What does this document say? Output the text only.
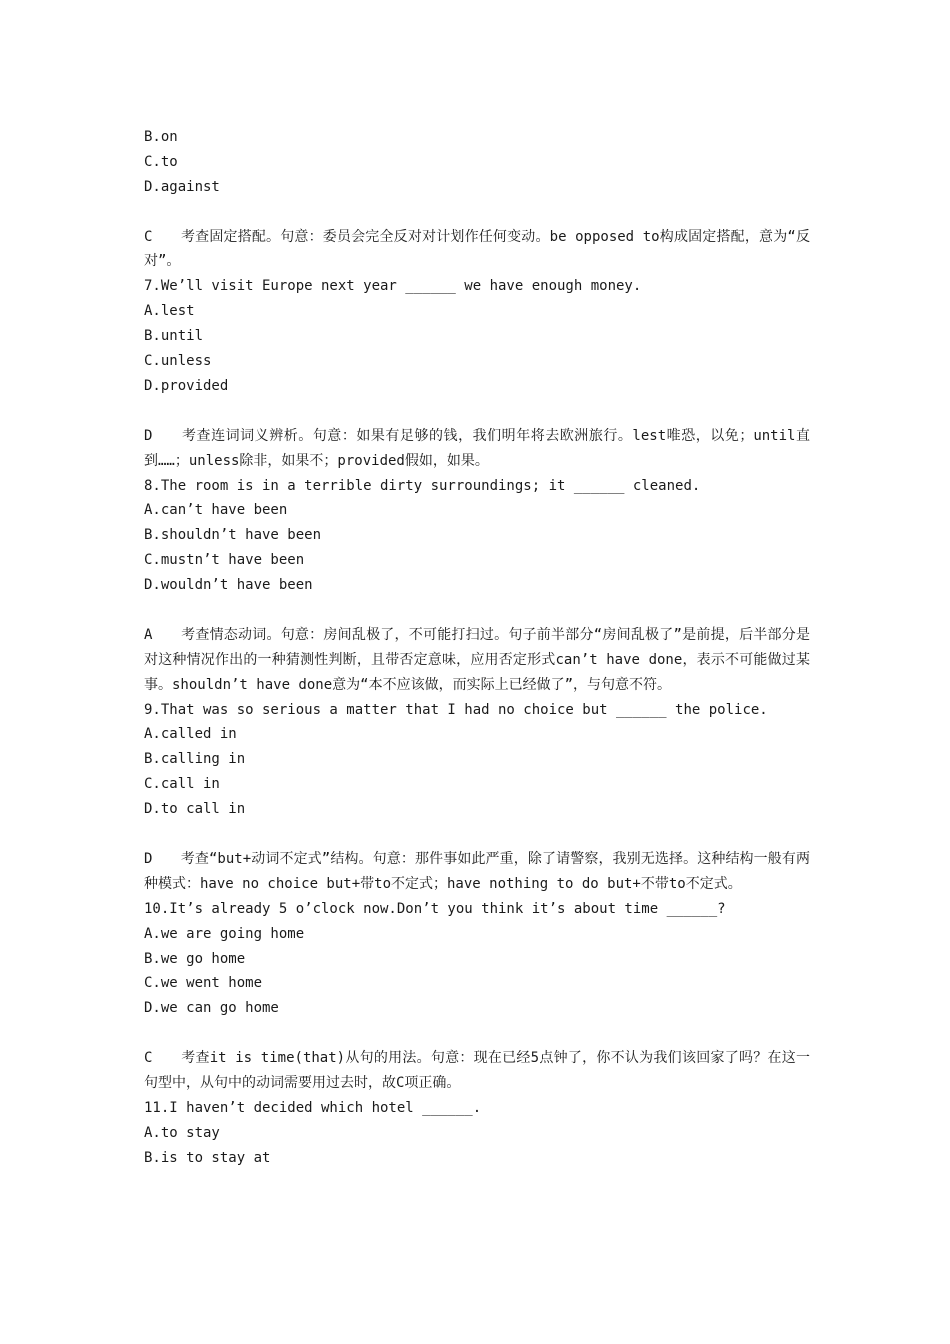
B.on
C.to
D.against
C　　考查固定搭配。句意：委员会完全反对对计划作任何变动。be opposed to构成固定搭配，意为“反对”。
7.We’ll visit Europe next year ______ we have enough money.
A.lest
B.until
C.unless
D.provided
D　　考查连词词义辨析。句意：如果有足够的钱，我们明年将去欧洲旅行。lest唯恐，以免；until直到……；unless除非，如果不；provided假如，如果。
8.The room is in a terrible dirty surroundings; it ______ cleaned.
A.can’t have been
B.shouldn’t have been
C.mustn’t have been
D.wouldn’t have been
A　　考查情态动词。句意：房间乱极了，不可能打扫过。句子前半部分“房间乱极了”是前提，后半部分是对这种情况作出的一种猜测性判断，且带否定意味，应用否定形式can’t have done，表示不可能做过某事。shouldn’t have done意为“本不应该做，而实际上已经做了”，与句意不符。
9.That was so serious a matter that I had no choice but ______ the police.
A.called in
B.calling in
C.call in
D.to call in
D　　考查“but+动词不定式”结构。句意：那件事如此严重，除了请警察，我别无选择。这种结构一般有两种模式：have no choice but+带to不定式；have nothing to do but+不带to不定式。
10.It’s already 5 o’clock now.Don’t you think it’s about time ______?
A.we are going home
B.we go home
C.we went home
D.we can go home
C　　考查it is time(that)从句的用法。句意：现在已经5点钟了，你不认为我们该回家了吗？在这一句型中，从句中的动词需要用过去时，故C项正确。
11.I haven’t decided which hotel ______.
A.to stay
B.is to stay at
